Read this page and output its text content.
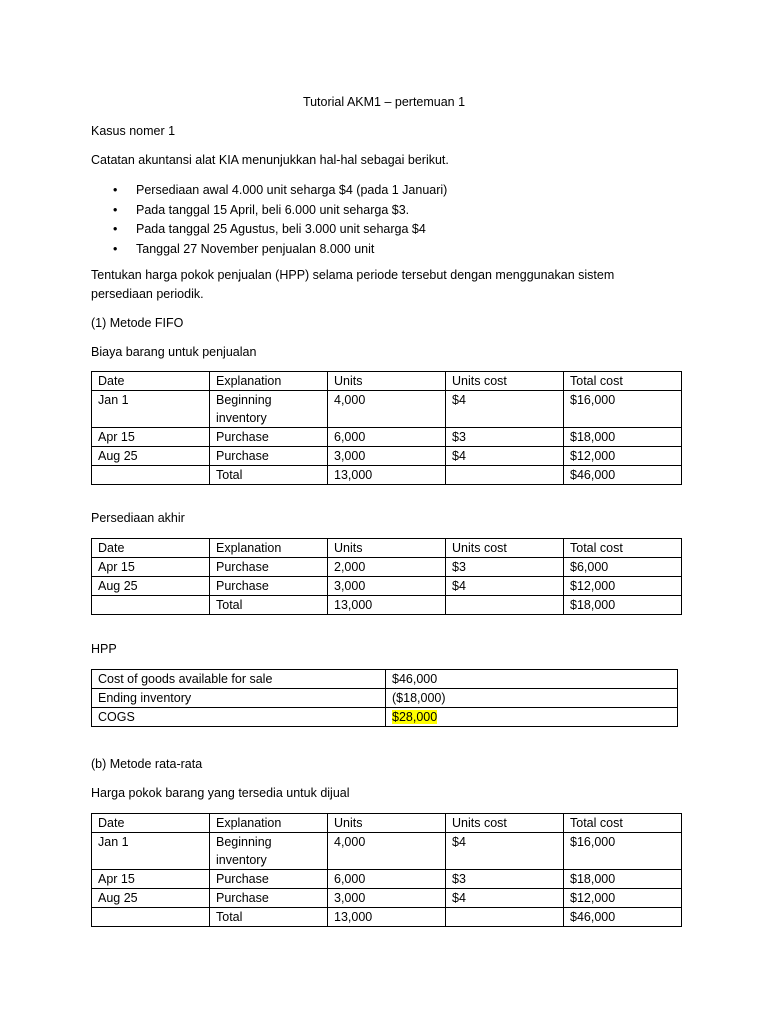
Tutorial AKM1 – pertemuan 1
Kasus nomer 1
Catatan akuntansi alat KIA menunjukkan hal-hal sebagai berikut.
• Persediaan awal 4.000 unit seharga $4 (pada 1 Januari)
• Pada tanggal 15 April, beli 6.000 unit seharga $3.
• Pada tanggal 25 Agustus, beli 3.000 unit seharga $4
• Tanggal 27 November penjualan 8.000 unit
Tentukan harga pokok penjualan (HPP) selama periode tersebut dengan menggunakan sistem
persediaan periodik.
(1) Metode FIFO
Biaya barang untuk penjualan
Date	Explanation	Units	Units cost	Total cost
Jan 1	Beginning
inventory	4,000	$4	$16,000
Apr 15	Purchase	6,000	$3	$18,000
Aug 25	Purchase	3,000	$4	$12,000
	Total	13,000		$46,000
Persediaan akhir
Date	Explanation	Units	Units cost	Total cost
Apr 15	Purchase	2,000	$3	$6,000
Aug 25	Purchase	3,000	$4	$12,000
	Total	13,000		$18,000
HPP
Cost of goods available for sale	$46,000
Ending inventory	($18,000)
COGS	$28,000
(b) Metode rata-rata
Harga pokok barang yang tersedia untuk dijual
Date	Explanation	Units	Units cost	Total cost
Jan 1	Beginning
inventory	4,000	$4	$16,000
Apr 15	Purchase	6,000	$3	$18,000
Aug 25	Purchase	3,000	$4	$12,000
	Total	13,000		$46,000
